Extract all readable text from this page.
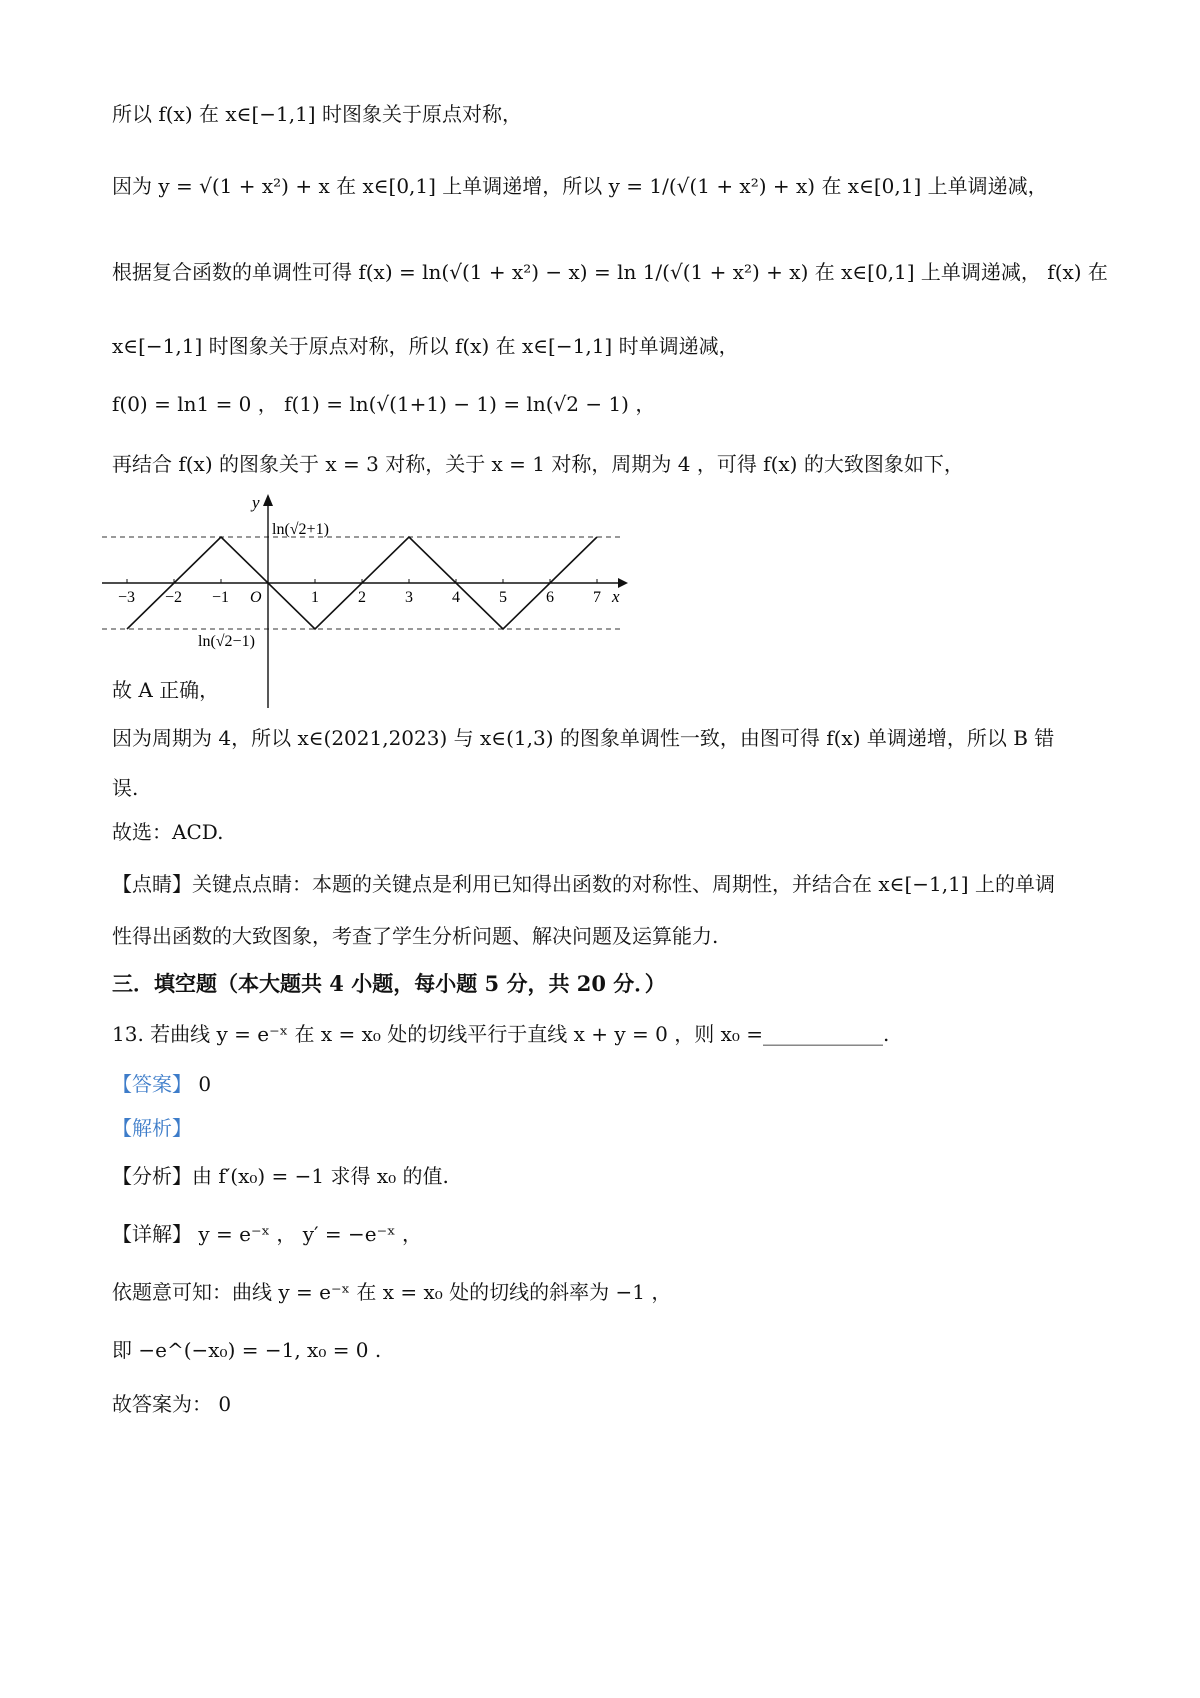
所以 f(x) 在 x∈[−1,1] 时图象关于原点对称，
因为 y = √(1 + x²) + x 在 x∈[0,1] 上单调递增，所以 y = 1/(√(1 + x²) + x) 在 x∈[0,1] 上单调递减，
根据复合函数的单调性可得 f(x) = ln(√(1 + x²) − x) = ln 1/(√(1 + x²) + x) 在 x∈[0,1] 上单调递减， f(x) 在
x∈[−1,1] 时图象关于原点对称，所以 f(x) 在 x∈[−1,1] 时单调递减，
f(0) = ln1 = 0 ， f(1) = ln(√(1+1) − 1) = ln(√2 − 1) ，
再结合 f(x) 的图象关于 x = 3 对称，关于 x = 1 对称，周期为 4 ，可得 f(x) 的大致图象如下，
−3 −2 −1	1 2 3 4 5 6 7
y
x
O
ln(√2+1)
ln(√2−1)
故 A 正确，
因为周期为 4，所以 x∈(2021,2023) 与 x∈(1,3) 的图象单调性一致，由图可得 f(x) 单调递增，所以 B 错
误.
故选：ACD.
【点睛】关键点点睛：本题的关键点是利用已知得出函数的对称性、周期性，并结合在 x∈[−1,1] 上的单调
性得出函数的大致图象，考查了学生分析问题、解决问题及运算能力.
三．填空题（本大题共 4 小题，每小题 5 分，共 20 分．）
13. 若曲线 y = e⁻ˣ 在 x = x₀ 处的切线平行于直线 x + y = 0 ，则 x₀ =____________.
【答案】 0
【解析】
【分析】由 f′(x₀) = −1 求得 x₀ 的值.
【详解】 y = e⁻ˣ ， y′ = −e⁻ˣ ，
依题意可知：曲线 y = e⁻ˣ 在 x = x₀ 处的切线的斜率为 −1 ，
即 −e^(−x₀) = −1, x₀ = 0 .
故答案为： 0
